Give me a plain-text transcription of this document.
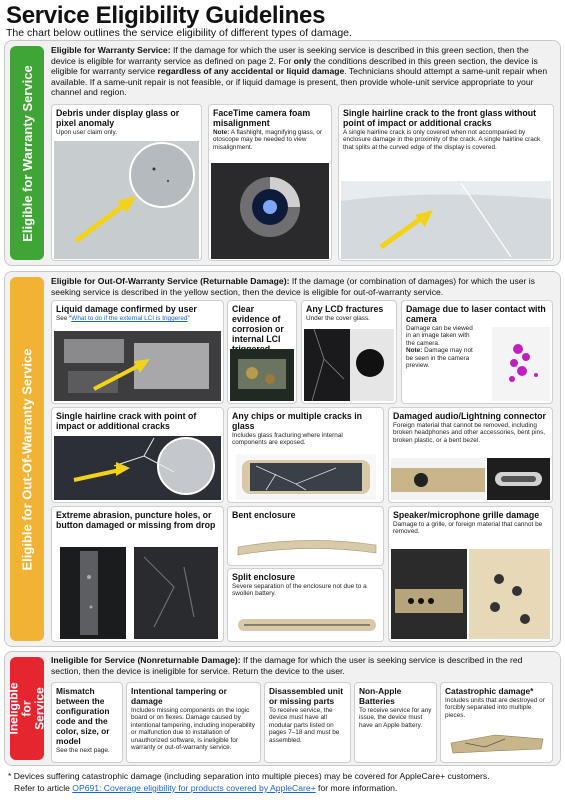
Service Eligibility Guidelines
The chart below outlines the service eligibility of different types of damage.
Eligible for Warranty Service
Eligible for Warranty Service: If the damage for which the user is seeking service is described in this green section, then the device is eligible for warranty service as defined on page 2. For only the conditions described in this green section, the device is eligible for warranty service regardless of any accidental or liquid damage. Technicians should attempt a same-unit repair when available. If a same-unit repair is not feasible, or if liquid damage is present, then provide whole-unit service appropriate to your channel and region.
Debris under display glass or pixel anomaly

Upon user claim only.

FaceTime camera foam misalignment

Note: A flashlight, magnifying glass, or otoscope may be needed to view misalignment.

Single hairline crack to the front glass without point of impact or additional cracks

A single hairline crack is only covered when not accompanied by enclosure damage in the proximity of the crack. A single hairline crack that splits at the curved edge of the display is covered.

Eligible for Out-Of-Warranty Service
Eligible for Out-Of-Warranty Service (Returnable Damage): If the damage (or combination of damages) for which the user is seeking service is described in the yellow section, then the device is eligible for out-of-warranty service.
Liquid damage confirmed by user

See “What to do if the external LCI is triggered”

Clear evidence of corrosion or internal LCI
Any LCD fractures

Under the cover glass.

Damage due to laser contact with camera

Damage can be viewed in an image taken with the camera.

Note: Damage may not be seen in the camera preview.

Single hairline crack with point of impact or additional cracks
Any chips or multiple cracks in glass

Includes glass fracturing where internal components are exposed.

Damaged audio/Lightning connector

Foreign material that cannot be removed, including broken headphones and other accessories, bent pins, broken plastic, or a bent bezel.

Extreme abrasion, puncture holes, or button damaged or missing from drop
Bent enclosure
Split enclosure

Severe separation of the enclosure not due to a swollen battery.

Speaker/microphone grille damage

Damage to a grille, or foreign material that cannot be removed.

Ineligible for Service
Ineligible for Service (Nonreturnable Damage): If the damage for which the user is seeking service is described in the red section, then the device is ineligible for service. Return the device to the user.
Mismatch between the configuration code and the color, size, or model

See the next page.

Intentional tampering or damage

Includes missing components on the logic board or on flexes. Damage caused by intentional tampering, including inoperability or malfunction due to installation of unauthorized software, is ineligible for warranty or out-of-warranty service.

Disassembled unit or missing parts

To receive service, the device must have all modular parts listed on pages 7–18 and must be assembled.

Non-Apple Batteries

To receive service for any issue, the device must have an Apple battery.

Catastrophic damage*

Includes units that are destroyed or forcibly separated into multiple pieces.

* Devices suffering catastrophic damage (including separation into multiple pieces) may be covered for AppleCare+ customers.
Refer to article OP691: Coverage eligibility for products covered by AppleCare+ for more information.
